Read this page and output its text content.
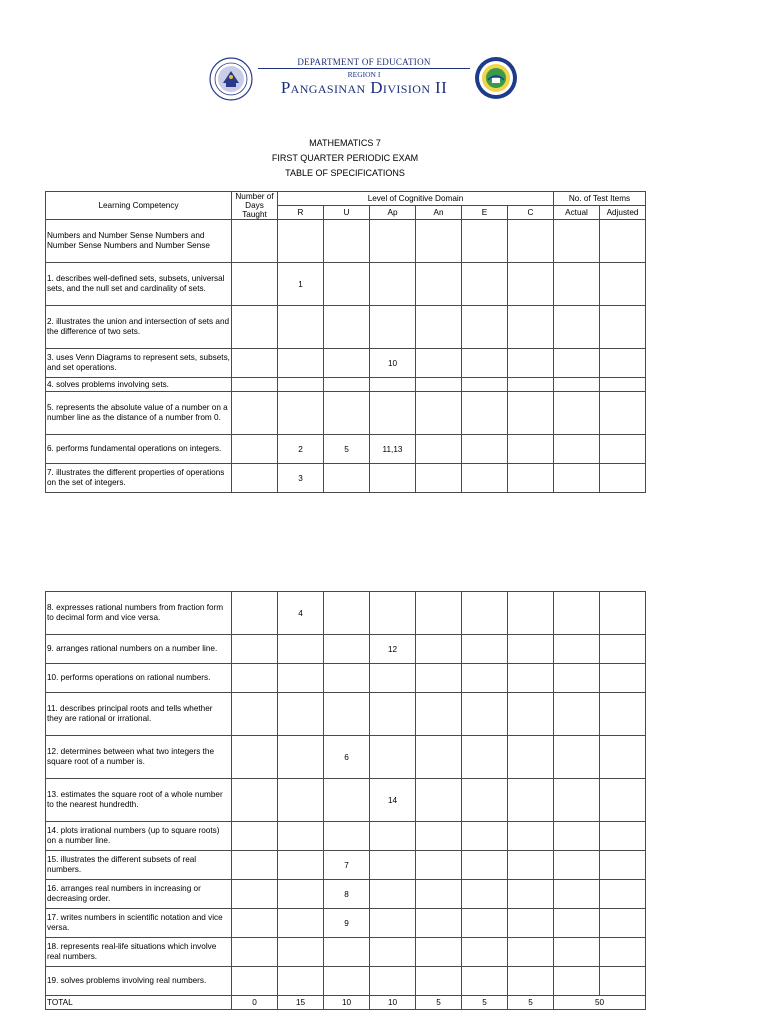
DEPARTMENT OF EDUCATION
REGION I
Pangasinan Division II
MATHEMATICS 7
FIRST QUARTER PERIODIC EXAM
TABLE OF SPECIFICATIONS
Learning Competency	Number of Days Taught	Level of Cognitive Domain						No. of Test Items	
		R	U	Ap	An	E	C	Actual	Adjusted
Numbers and Number Sense Numbers and Number Sense Numbers and Number Sense									
1. describes well-defined sets, subsets, universal sets, and the null set and cardinality of sets.		1							
2. illustrates the union and intersection of sets and the difference of two sets.									
3. uses Venn Diagrams to represent sets, subsets, and set operations.				10					
4. solves problems involving sets.									
5. represents the absolute value of a number on a number line as the distance of a number from 0.									
6. performs fundamental operations on integers.		2	5	11,13					
7. illustrates the different properties of operations on the set of integers.		3							
8. expresses rational numbers from fraction form to decimal form and vice versa.		4							
9. arranges rational numbers on a number line.				12					
10. performs operations on rational numbers.									
11. describes principal roots and tells whether they are rational or irrational.									
12. determines between what two integers the square root of a number is.			6						
13. estimates the square root of a whole number to the nearest hundredth.				14					
14. plots irrational numbers (up to square roots) on a number line.									
15. illustrates the different subsets of real numbers.			7						
16. arranges real numbers in increasing or decreasing order.			8						
17. writes numbers in scientific notation and vice versa.			9						
18. represents real-life situations which involve real numbers.									
19. solves problems involving real numbers.									
TOTAL	0	15	10	10	5	5	5	50	
